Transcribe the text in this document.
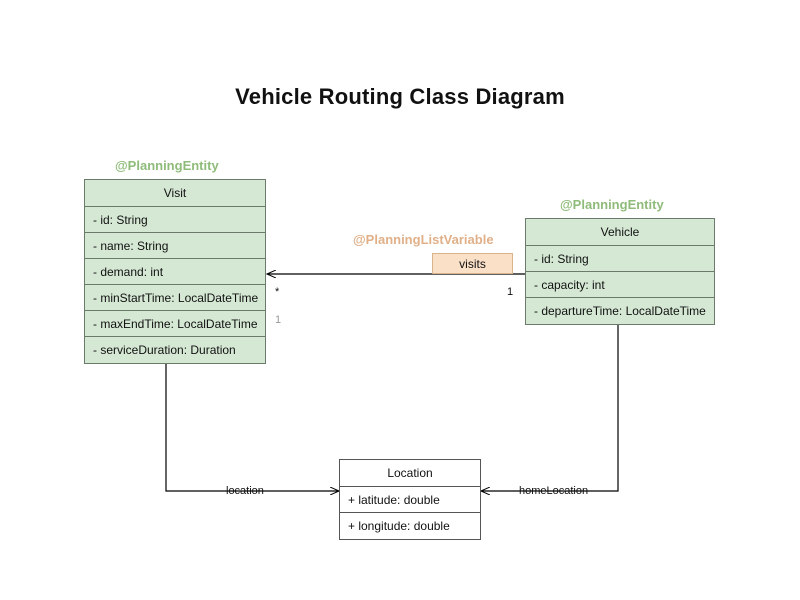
Vehicle Routing Class Diagram
@PlanningEntity
Visit
- id: String
- name: String
- demand: int
- minStartTime: LocalDateTime
- maxEndTime: LocalDateTime
- serviceDuration: Duration
@PlanningEntity
Vehicle
- id: String
- capacity: int
- departureTime: LocalDateTime
Location
+ latitude: double
+ longitude: double
@PlanningListVariable
visits
*	1
1
location	homeLocation
